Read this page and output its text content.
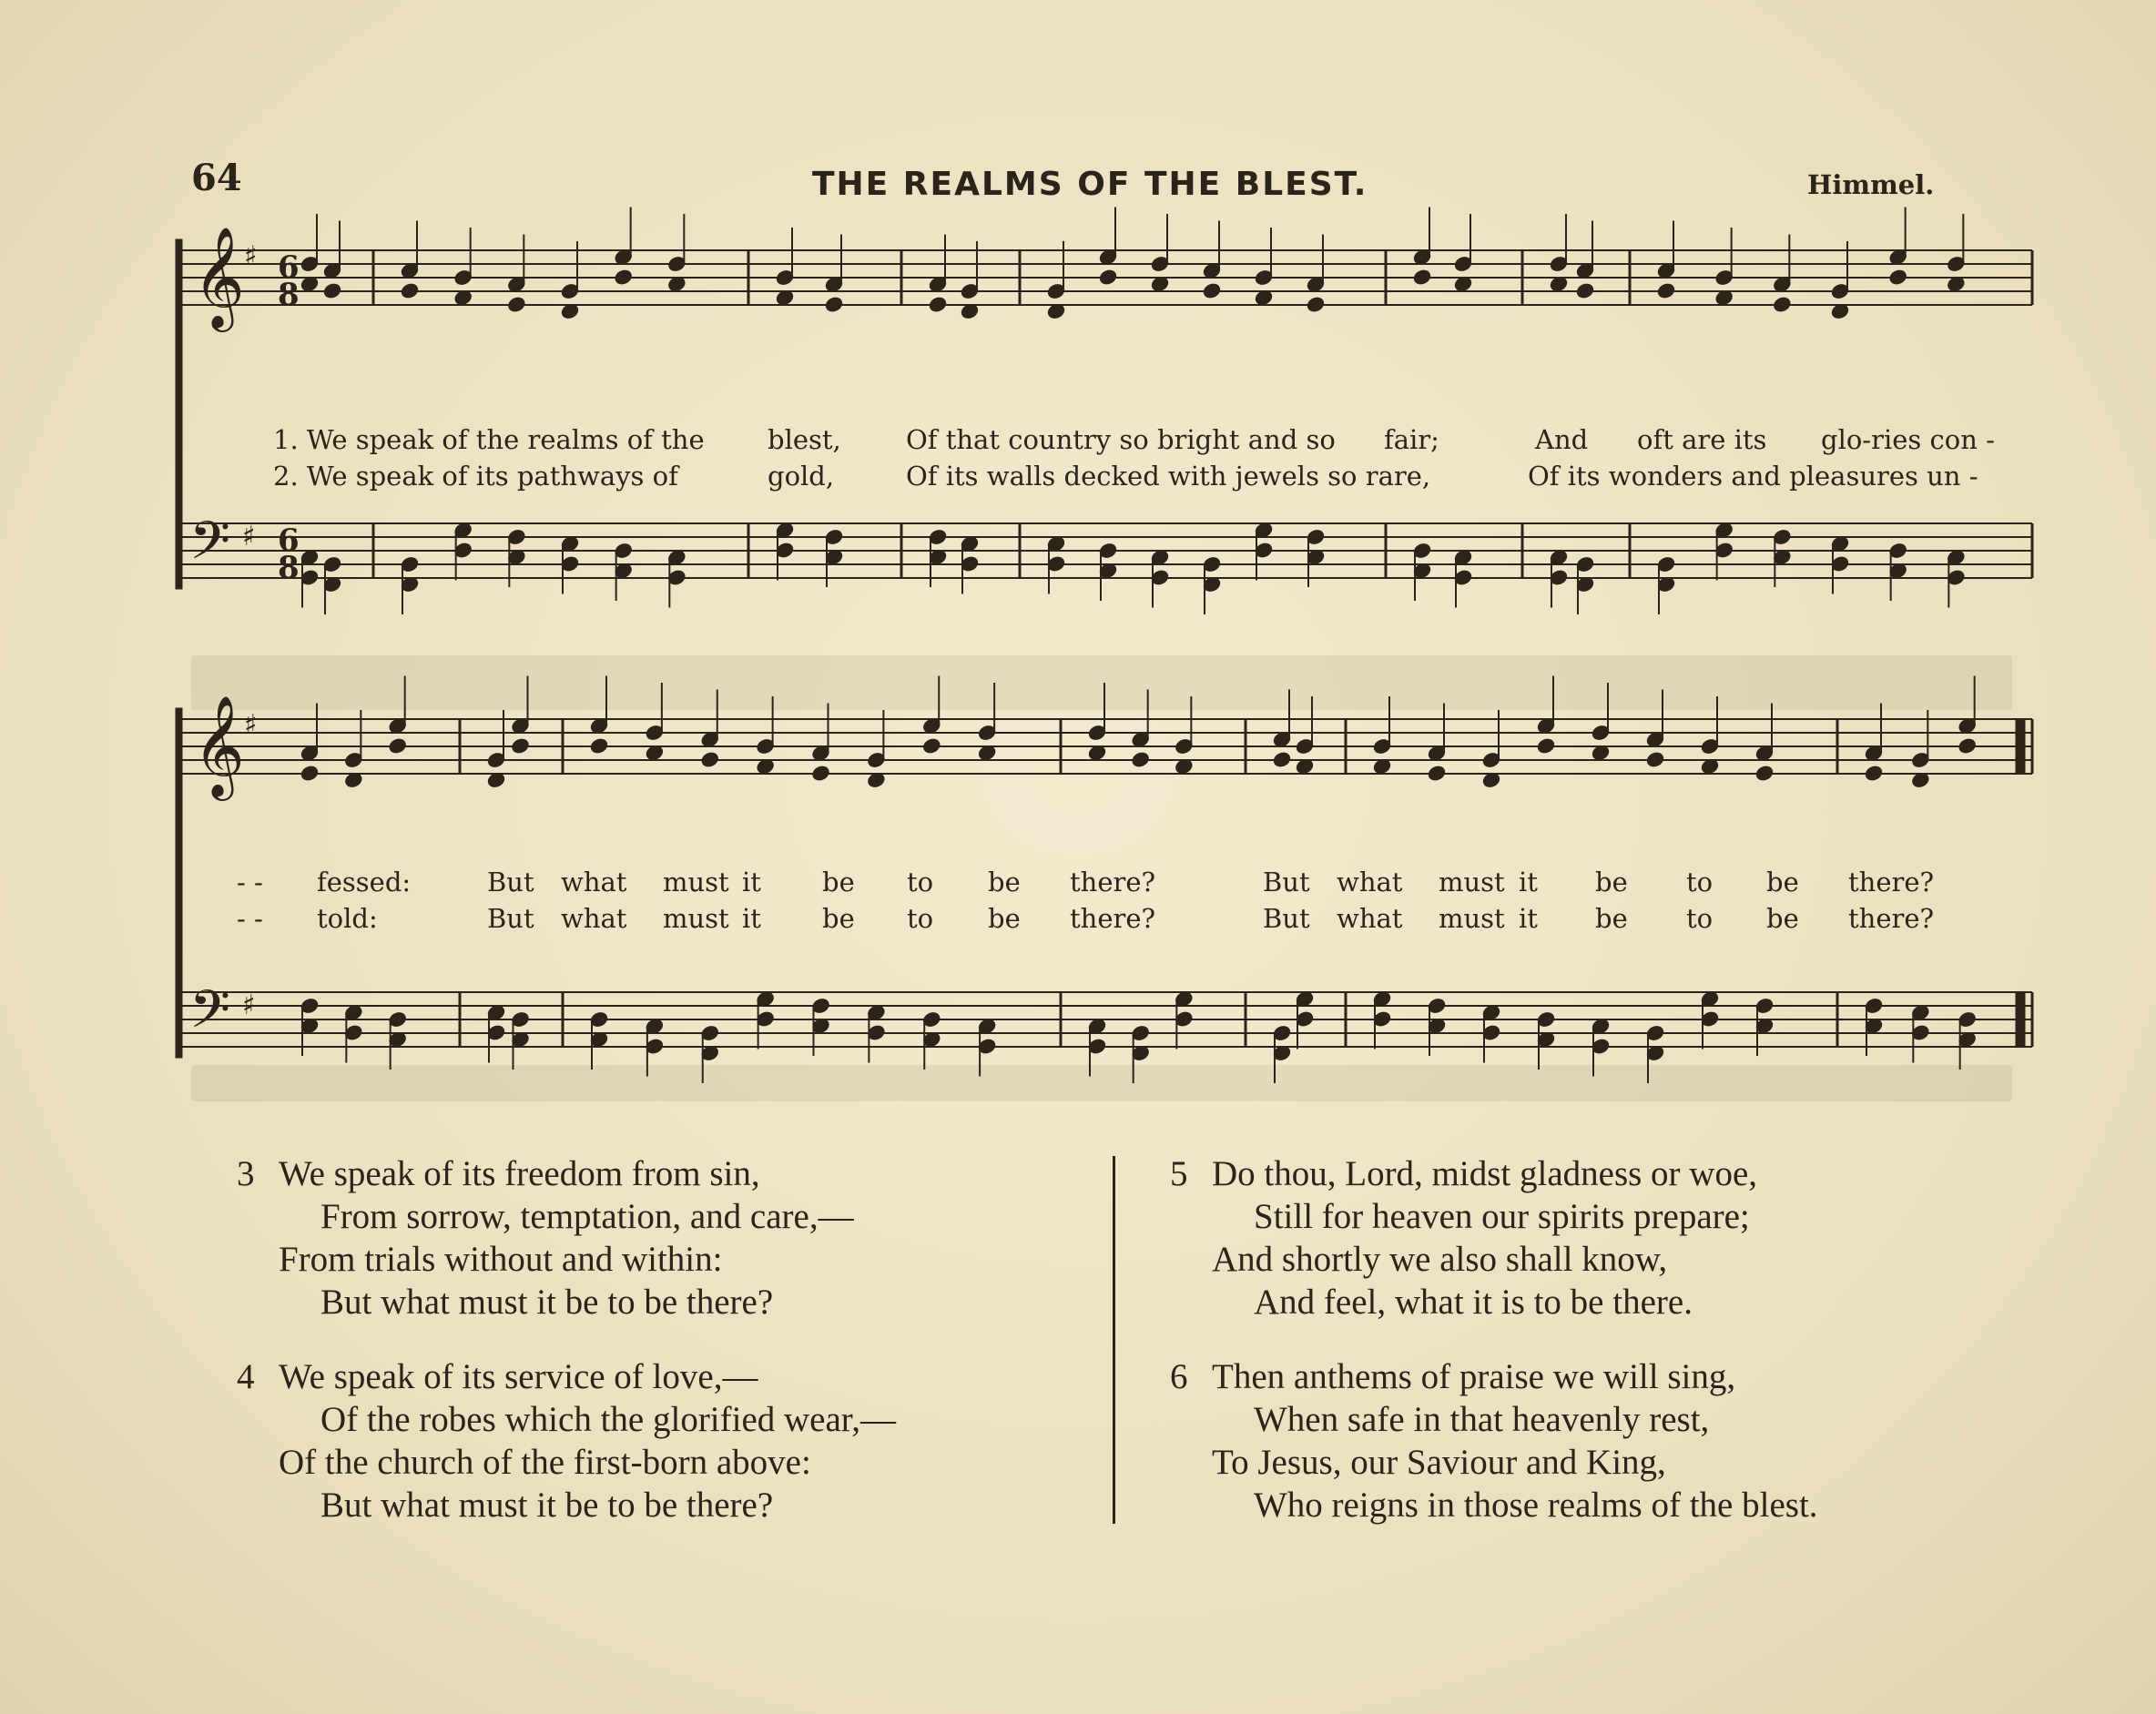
64	THE REALMS OF THE BLEST.	Himmel.
𝄞
𝄢
♯
♯
6
8
6
8
𝄞
𝄢
♯
♯
1. We speak of the realms of the blest, Of that country so bright and so fair;	And oft are its glo-ries con -
2. We speak of its pathways of	gold,	Of its walls decked with jewels so rare,	Of its wonders and pleasures un -
- - fessed:	But what must it be to be there?	But what must it be to be there?
- - told:	But what must it be to be there?	But what must it be to be there?
3 We speak of its freedom from sin,
From sorrow, temptation, and care,—
From trials without and within:
But what must it be to be there?
4 We speak of its service of love,—
Of the robes which the glorified wear,—
Of the church of the first-born above:
But what must it be to be there?
5 Do thou, Lord, midst gladness or woe,
Still for heaven our spirits prepare;
And shortly we also shall know,
And feel, what it is to be there.
6 Then anthems of praise we will sing,
When safe in that heavenly rest,
To Jesus, our Saviour and King,
Who reigns in those realms of the blest.
